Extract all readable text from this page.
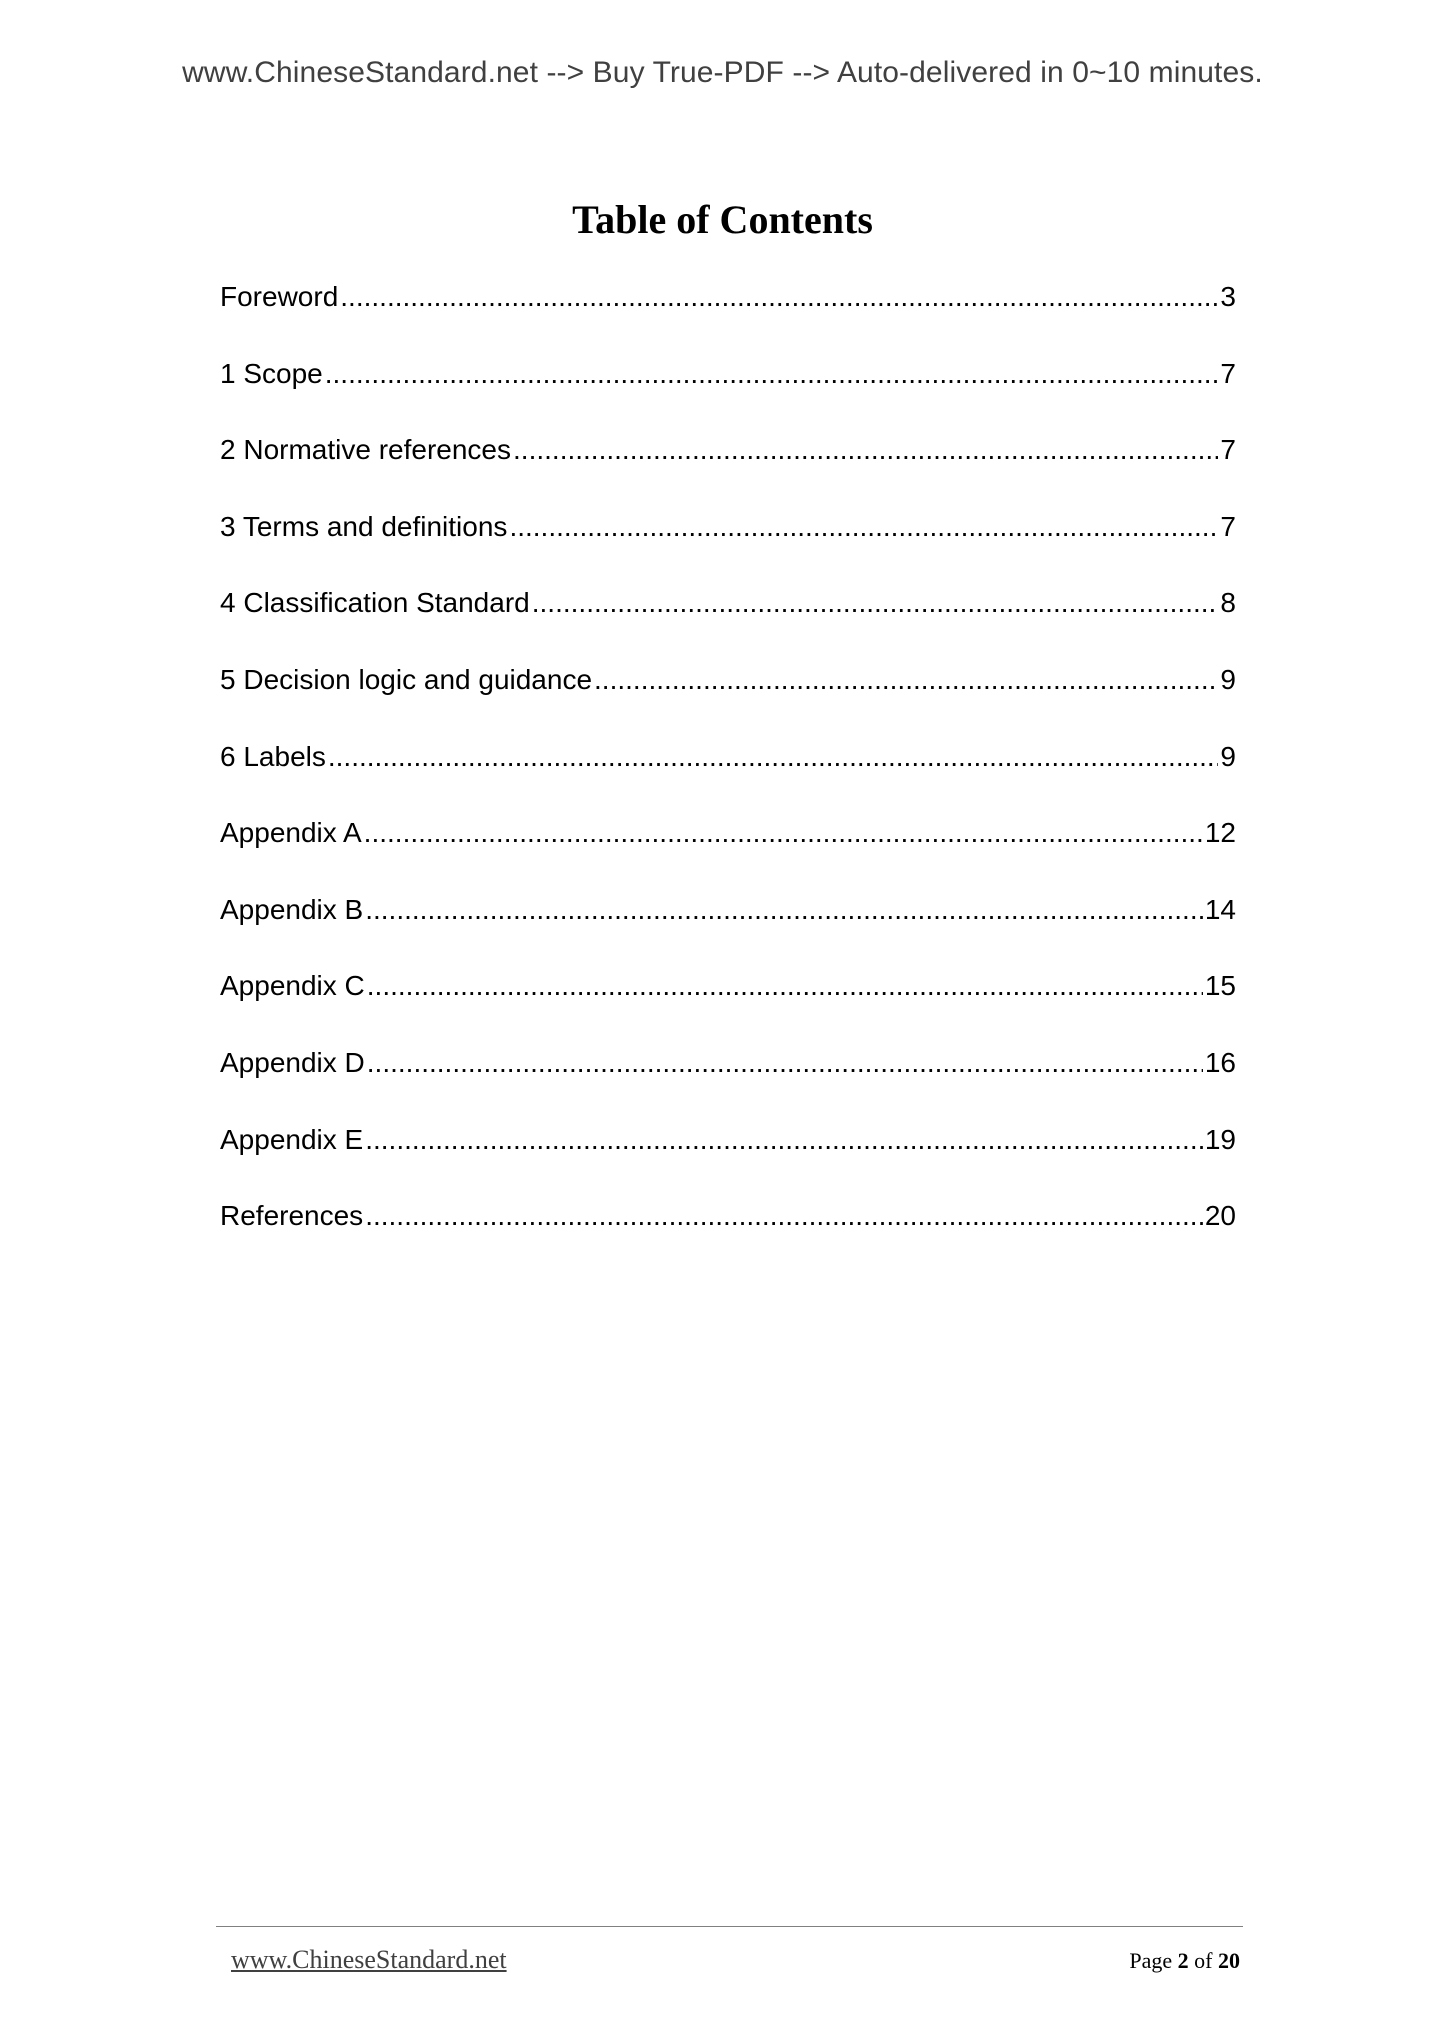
www.ChineseStandard.net --> Buy True-PDF --> Auto-delivered in 0~10 minutes.
Table of Contents
Foreword .....	3
1 Scope .....	7
2 Normative references .....	7
3 Terms and definitions .....	7
4 Classification Standard .....	8
5 Decision logic and guidance .....	9
6 Labels .....	9
Appendix A .....	12
Appendix B .....	14
Appendix C .....	15
Appendix D .....	16
Appendix E .....	19
References .....	20
www.ChineseStandard.net	Page 2 of 20
